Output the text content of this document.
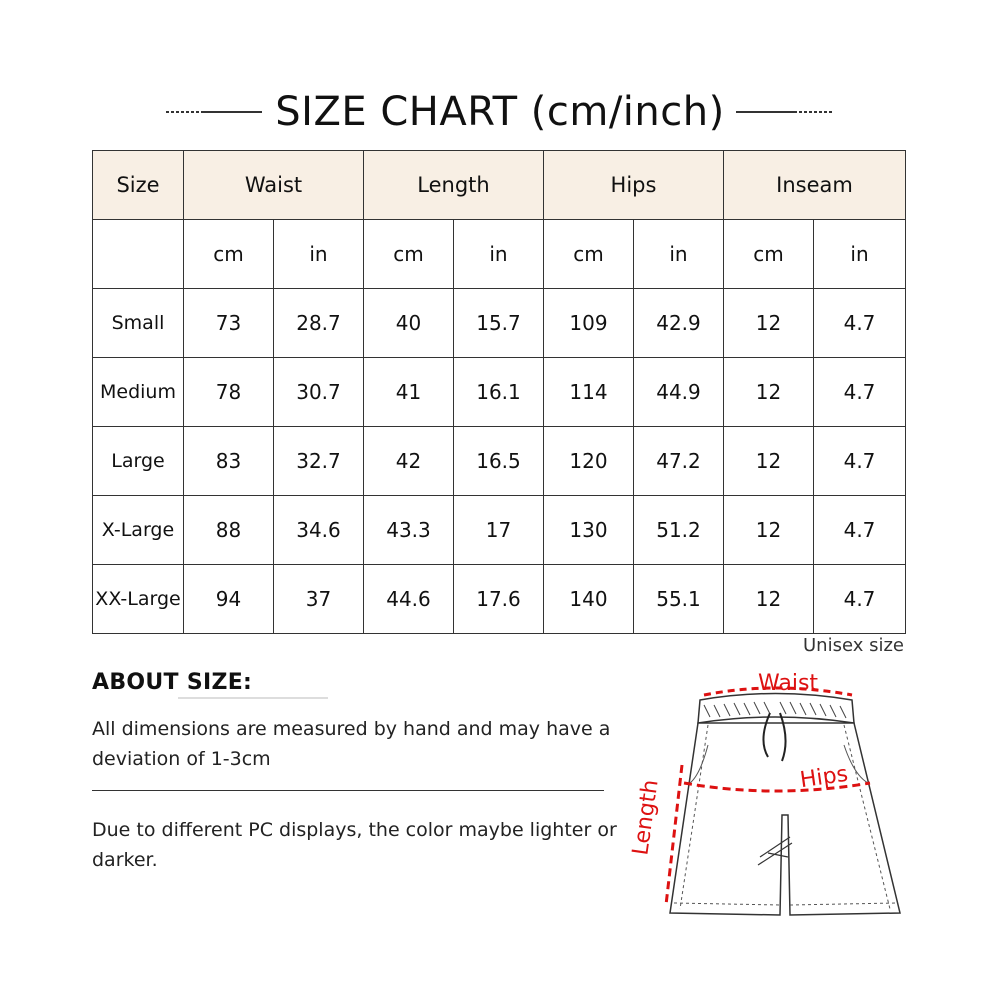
SIZE CHART (cm/inch)
Size	Waist		Length		Hips		Inseam	
	cm	in	cm	in	cm	in	cm	in
Small	73	28.7	40	15.7	109	42.9	12	4.7
Medium	78	30.7	41	16.1	114	44.9	12	4.7
Large	83	32.7	42	16.5	120	47.2	12	4.7
X-Large	88	34.6	43.3	17	130	51.2	12	4.7
XX-Large	94	37	44.6	17.6	140	55.1	12	4.7
Unisex size
ABOUT SIZE:
All dimensions are measured by hand and may have a deviation of 1-3cm
Due to different PC displays, the color maybe lighter or darker.
Waist
Hips
Length
